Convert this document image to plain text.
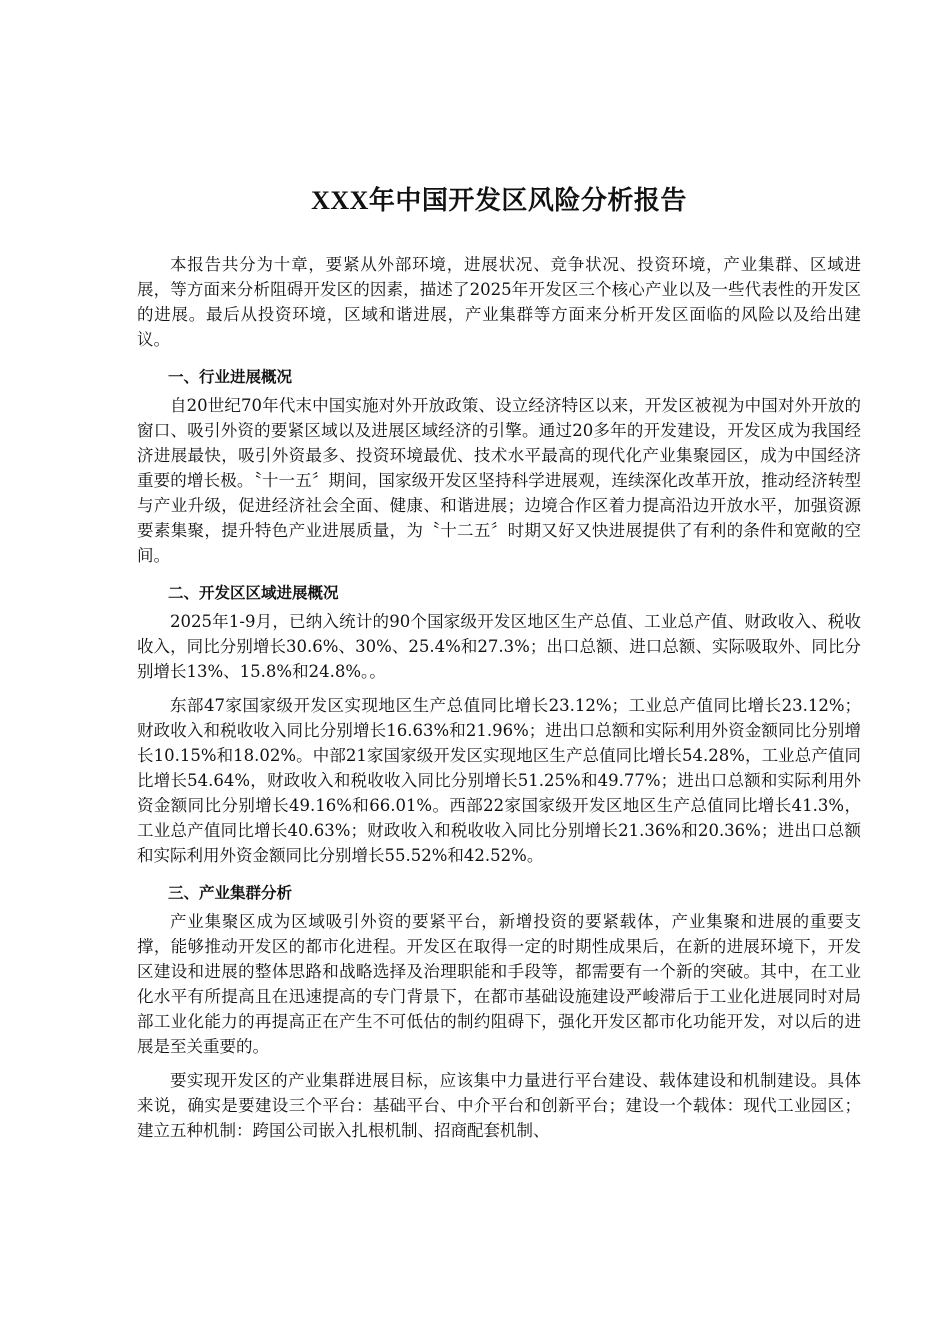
XXX年中国开发区风险分析报告

本报告共分为十章，要紧从外部环境，进展状况、竞争状况、投资环境，产业集群、区域进展，等方面来分析阻碍开发区的因素，描述了2025年开发区三个核心产业以及一些代表性的开发区的进展。最后从投资环境，区域和谐进展，产业集群等方面来分析开发区面临的风险以及给出建议。

一、行业进展概况

自20世纪70年代末中国实施对外开放政策、设立经济特区以来，开发区被视为中国对外开放的窗口、吸引外资的要紧区域以及进展区域经济的引擎。通过20多年的开发建设，开发区成为我国经济进展最快，吸引外资最多、投资环境最优、技术水平最高的现代化产业集聚园区，成为中国经济重要的增长极。〝十一五〞期间，国家级开发区坚持科学进展观，连续深化改革开放，推动经济转型与产业升级，促进经济社会全面、健康、和谐进展；边境合作区着力提高沿边开放水平，加强资源要素集聚，提升特色产业进展质量，为〝十二五〞时期又好又快进展提供了有利的条件和宽敞的空间。

二、开发区区域进展概况

2025年1-9月，已纳入统计的90个国家级开发区地区生产总值、工业总产值、财政收入、税收收入，同比分别增长30.6%、30%、25.4%和27.3%；出口总额、进口总额、实际吸取外、同比分别增长13%、15.8%和24.8%。。

东部47家国家级开发区实现地区生产总值同比增长23.12%；工业总产值同比增长23.12%；财政收入和税收收入同比分别增长16.63%和21.96%；进出口总额和实际利用外资金额同比分别增长10.15%和18.02%。中部21家国家级开发区实现地区生产总值同比增长54.28%，工业总产值同比增长54.64%，财政收入和税收收入同比分别增长51.25%和49.77%；进出口总额和实际利用外资金额同比分别增长49.16%和66.01%。西部22家国家级开发区地区生产总值同比增长41.3%，工业总产值同比增长40.63%；财政收入和税收收入同比分别增长21.36%和20.36%；进出口总额和实际利用外资金额同比分别增长55.52%和42.52%。

三、产业集群分析

产业集聚区成为区域吸引外资的要紧平台，新增投资的要紧载体，产业集聚和进展的重要支撑，能够推动开发区的都市化进程。开发区在取得一定的时期性成果后，在新的进展环境下，开发区建设和进展的整体思路和战略选择及治理职能和手段等，都需要有一个新的突破。其中，在工业化水平有所提高且在迅速提高的专门背景下，在都市基础设施建设严峻滞后于工业化进展同时对局部工业化能力的再提高正在产生不可低估的制约阻碍下，强化开发区都市化功能开发，对以后的进展是至关重要的。

要实现开发区的产业集群进展目标，应该集中力量进行平台建设、载体建设和机制建设。具体来说，确实是要建设三个平台：基础平台、中介平台和创新平台；建设一个载体：现代工业园区；建立五种机制：跨国公司嵌入扎根机制、招商配套机制、
